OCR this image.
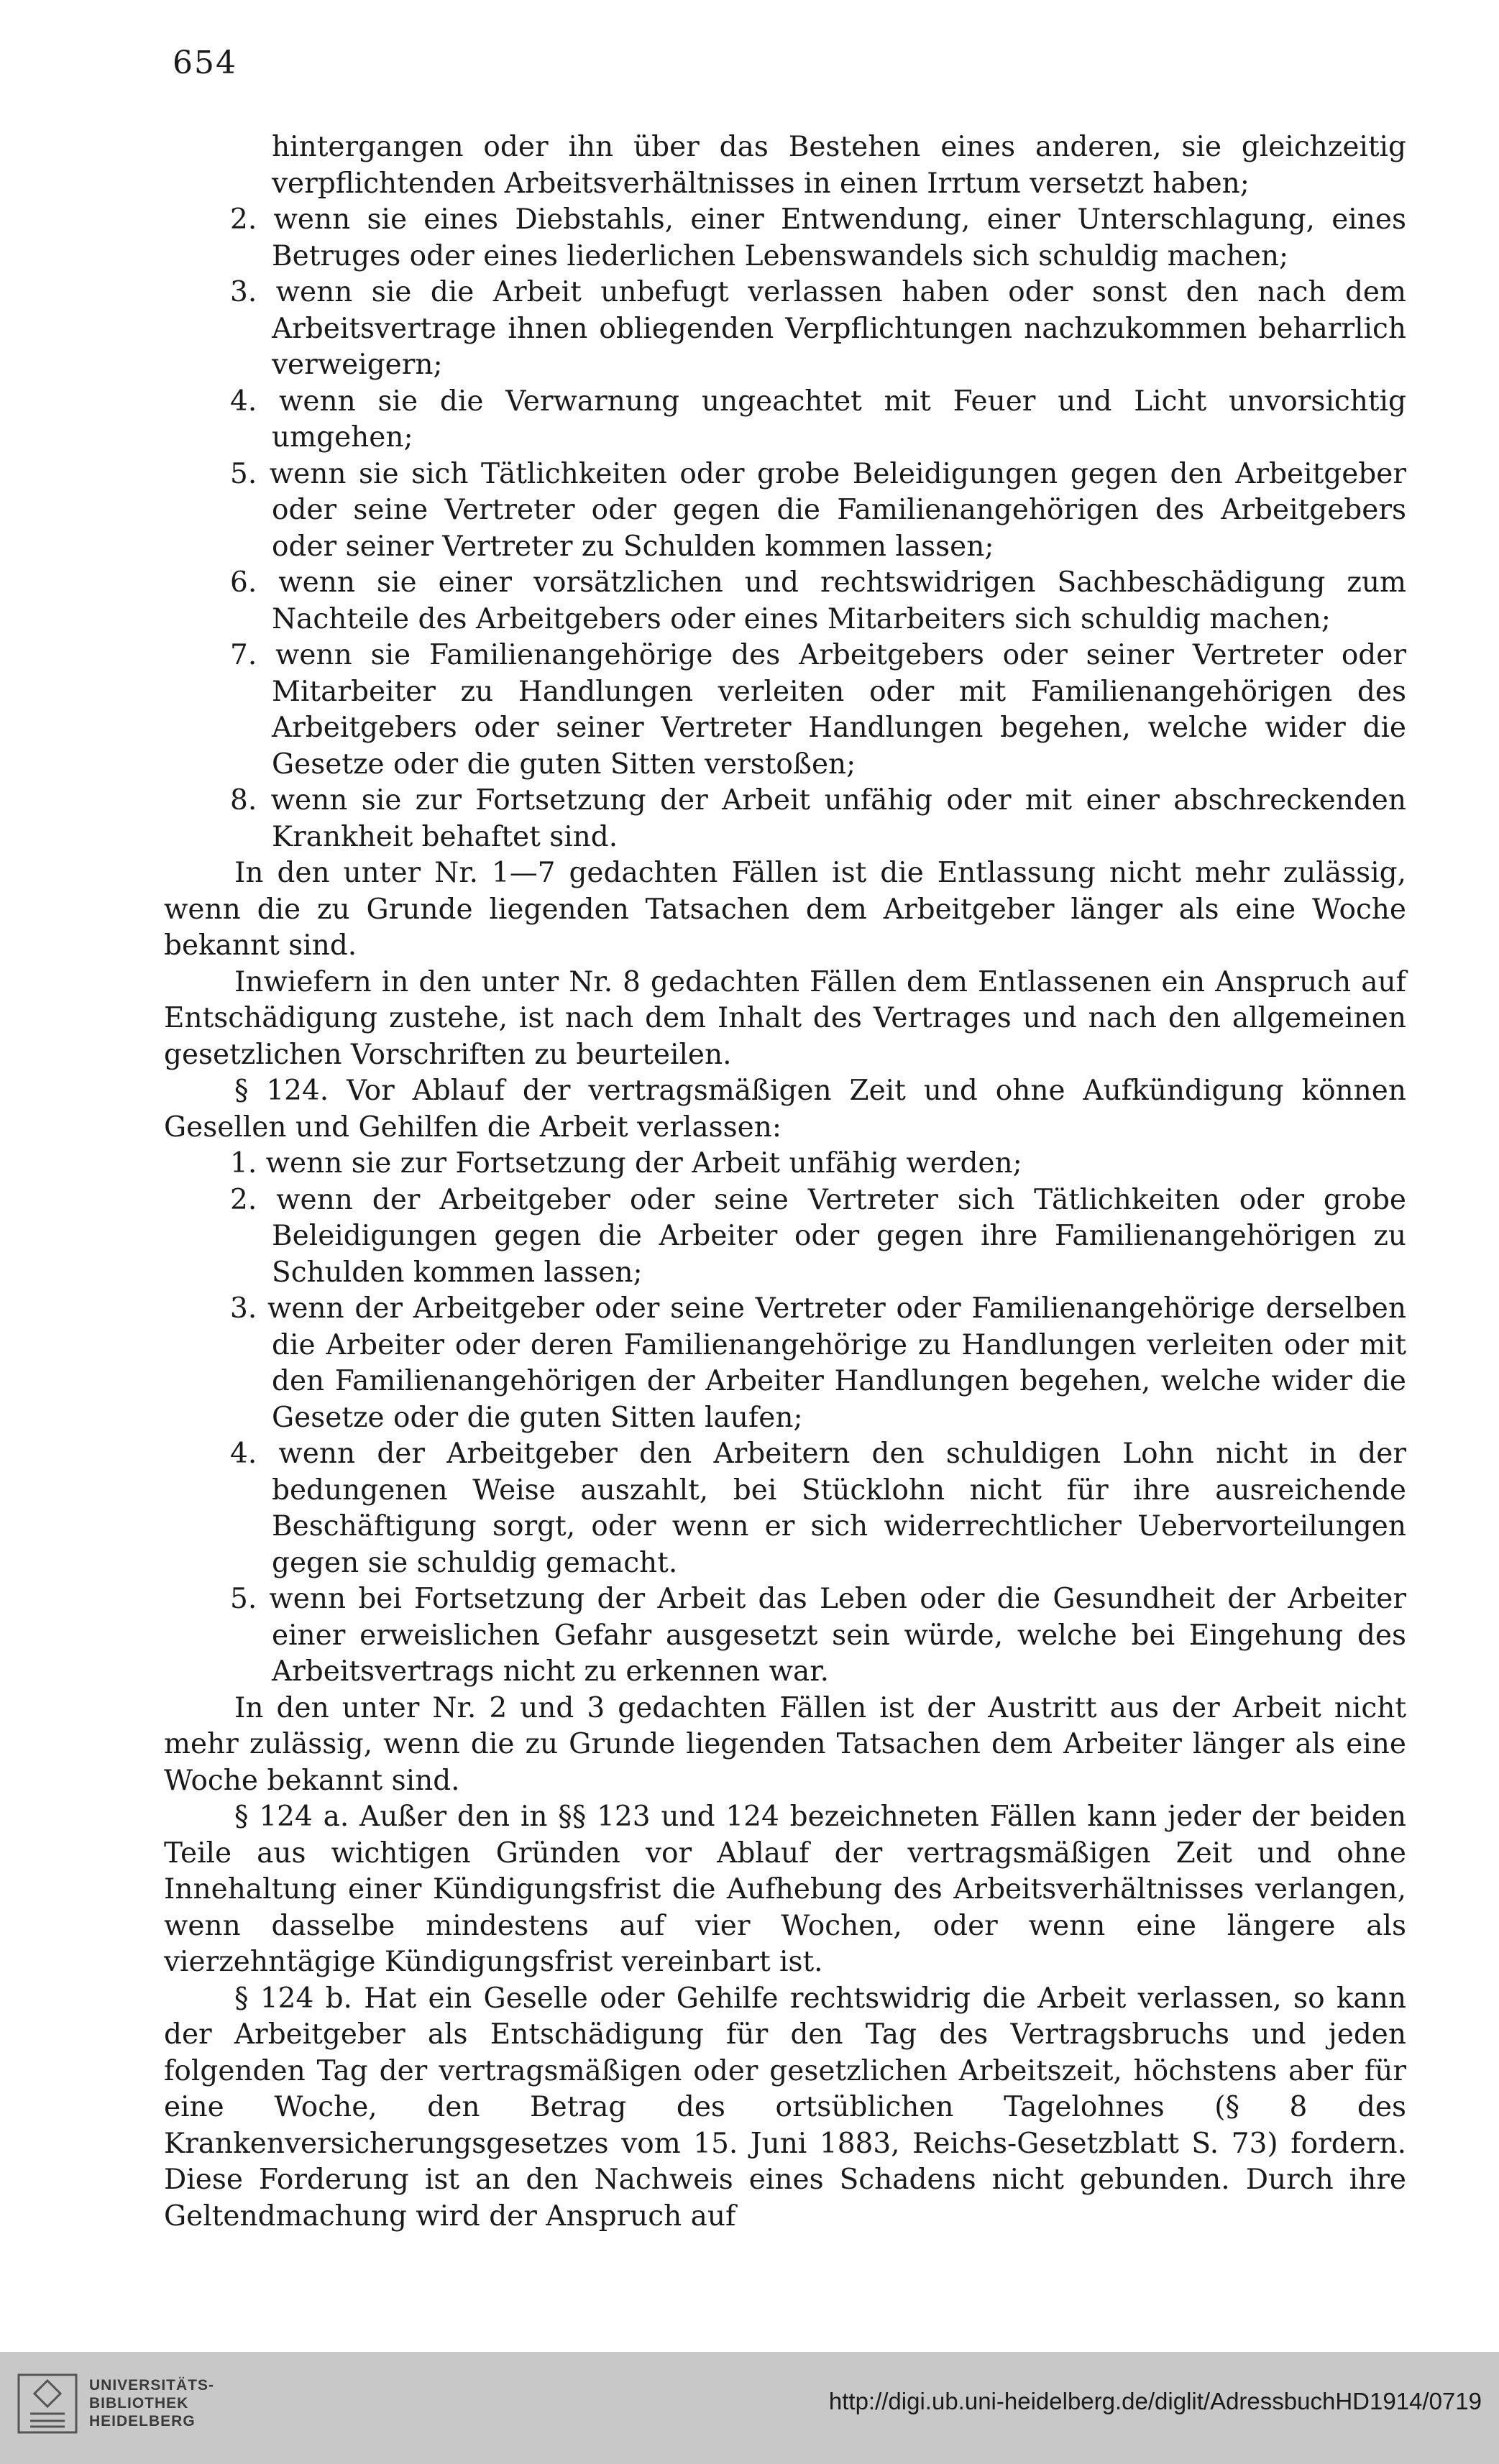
654

hintergangen oder ihn über das Bestehen eines anderen, sie gleichzeitig verpflichtenden Arbeitsverhältnisses in einen Irrtum versetzt haben;

2. wenn sie eines Diebstahls, einer Entwendung, einer Unterschlagung, eines Betruges oder eines liederlichen Lebenswandels sich schuldig machen;

3. wenn sie die Arbeit unbefugt verlassen haben oder sonst den nach dem Arbeitsvertrage ihnen obliegenden Verpflichtungen nachzukommen beharrlich verweigern;

4. wenn sie die Verwarnung ungeachtet mit Feuer und Licht unvorsichtig umgehen;

5. wenn sie sich Tätlichkeiten oder grobe Beleidigungen gegen den Arbeitgeber oder seine Vertreter oder gegen die Familienangehörigen des Arbeitgebers oder seiner Vertreter zu Schulden kommen lassen;

6. wenn sie einer vorsätzlichen und rechtswidrigen Sachbeschädigung zum Nachteile des Arbeitgebers oder eines Mitarbeiters sich schuldig machen;

7. wenn sie Familienangehörige des Arbeitgebers oder seiner Vertreter oder Mitarbeiter zu Handlungen verleiten oder mit Familienangehörigen des Arbeitgebers oder seiner Vertreter Handlungen begehen, welche wider die Gesetze oder die guten Sitten verstoßen;

8. wenn sie zur Fortsetzung der Arbeit unfähig oder mit einer abschreckenden Krankheit behaftet sind.

In den unter Nr. 1—7 gedachten Fällen ist die Entlassung nicht mehr zulässig, wenn die zu Grunde liegenden Tatsachen dem Arbeitgeber länger als eine Woche bekannt sind.

Inwiefern in den unter Nr. 8 gedachten Fällen dem Entlassenen ein Anspruch auf Entschädigung zustehe, ist nach dem Inhalt des Vertrages und nach den allgemeinen gesetzlichen Vorschriften zu beurteilen.

§ 124. Vor Ablauf der vertragsmäßigen Zeit und ohne Aufkündigung können Gesellen und Gehilfen die Arbeit verlassen:

1. wenn sie zur Fortsetzung der Arbeit unfähig werden;

2. wenn der Arbeitgeber oder seine Vertreter sich Tätlichkeiten oder grobe Beleidigungen gegen die Arbeiter oder gegen ihre Familienangehörigen zu Schulden kommen lassen;

3. wenn der Arbeitgeber oder seine Vertreter oder Familienangehörige derselben die Arbeiter oder deren Familienangehörige zu Handlungen verleiten oder mit den Familienangehörigen der Arbeiter Handlungen begehen, welche wider die Gesetze oder die guten Sitten laufen;

4. wenn der Arbeitgeber den Arbeitern den schuldigen Lohn nicht in der bedungenen Weise auszahlt, bei Stücklohn nicht für ihre ausreichende Beschäftigung sorgt, oder wenn er sich widerrechtlicher Uebervorteilungen gegen sie schuldig gemacht.

5. wenn bei Fortsetzung der Arbeit das Leben oder die Gesundheit der Arbeiter einer erweislichen Gefahr ausgesetzt sein würde, welche bei Eingehung des Arbeitsvertrags nicht zu erkennen war.

In den unter Nr. 2 und 3 gedachten Fällen ist der Austritt aus der Arbeit nicht mehr zulässig, wenn die zu Grunde liegenden Tatsachen dem Arbeiter länger als eine Woche bekannt sind.

§ 124 a. Außer den in §§ 123 und 124 bezeichneten Fällen kann jeder der beiden Teile aus wichtigen Gründen vor Ablauf der vertragsmäßigen Zeit und ohne Innehaltung einer Kündigungsfrist die Aufhebung des Arbeitsverhältnisses verlangen, wenn dasselbe mindestens auf vier Wochen, oder wenn eine längere als vierzehntägige Kündigungsfrist vereinbart ist.

§ 124 b. Hat ein Geselle oder Gehilfe rechtswidrig die Arbeit verlassen, so kann der Arbeitgeber als Entschädigung für den Tag des Vertragsbruchs und jeden folgenden Tag der vertragsmäßigen oder gesetzlichen Arbeitszeit, höchstens aber für eine Woche, den Betrag des ortsüblichen Tagelohnes (§ 8 des Krankenversicherungsgesetzes vom 15. Juni 1883, Reichs-Gesetzblatt S. 73) fordern. Diese Forderung ist an den Nachweis eines Schadens nicht gebunden. Durch ihre Geltendmachung wird der Anspruch auf

UNIVERSITÄTS-
BIBLIOTHEK
HEIDELBERG
http://digi.ub.uni-heidelberg.de/diglit/AdressbuchHD1914/0719
